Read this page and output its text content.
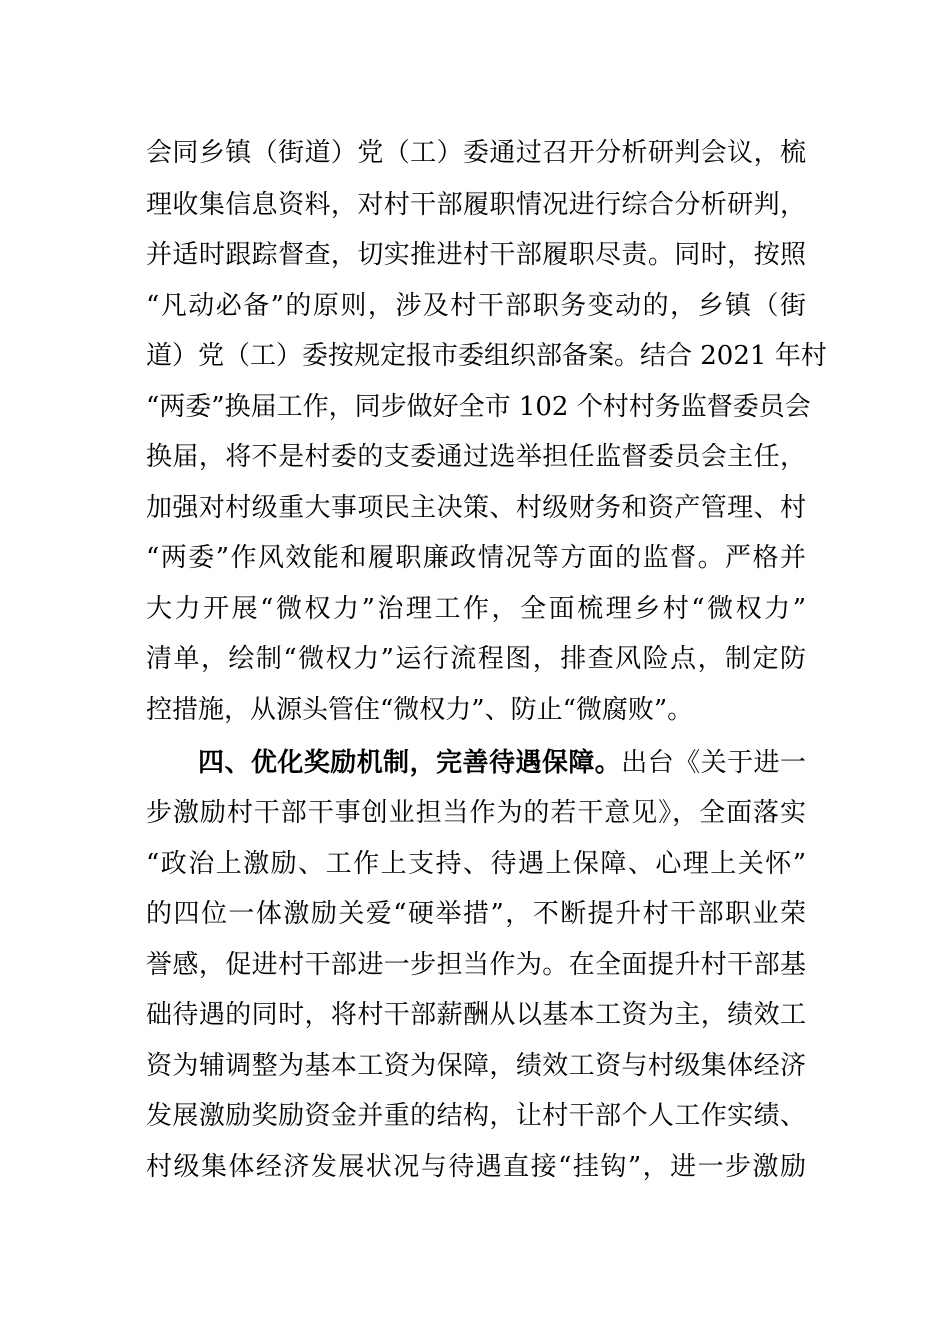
会同乡镇（街道）党（工）委通过召开分析研判会议，梳

理收集信息资料，对村干部履职情况进行综合分析研判，

并适时跟踪督查，切实推进村干部履职尽责。同时，按照

“凡动必备”的原则，涉及村干部职务变动的，乡镇（街

道）党（工）委按规定报市委组织部备案。结合 2021 年村

“两委”换届工作，同步做好全市 102 个村村务监督委员会

换届，将不是村委的支委通过选举担任监督委员会主任，

加强对村级重大事项民主决策、村级财务和资产管理、村

“两委”作风效能和履职廉政情况等方面的监督。严格并

大力开展“微权力”治理工作，全面梳理乡村“微权力”

清单，绘制“微权力”运行流程图，排查风险点，制定防

控措施，从源头管住“微权力”、防止“微腐败”。

四、优化奖励机制，完善待遇保障。出台《关于进一

步激励村干部干事创业担当作为的若干意见》，全面落实

“政治上激励、工作上支持、待遇上保障、心理上关怀”

的四位一体激励关爱“硬举措”，不断提升村干部职业荣

誉感，促进村干部进一步担当作为。在全面提升村干部基

础待遇的同时，将村干部薪酬从以基本工资为主，绩效工

资为辅调整为基本工资为保障，绩效工资与村级集体经济

发展激励奖励资金并重的结构，让村干部个人工作实绩、

村级集体经济发展状况与待遇直接“挂钩”，进一步激励
